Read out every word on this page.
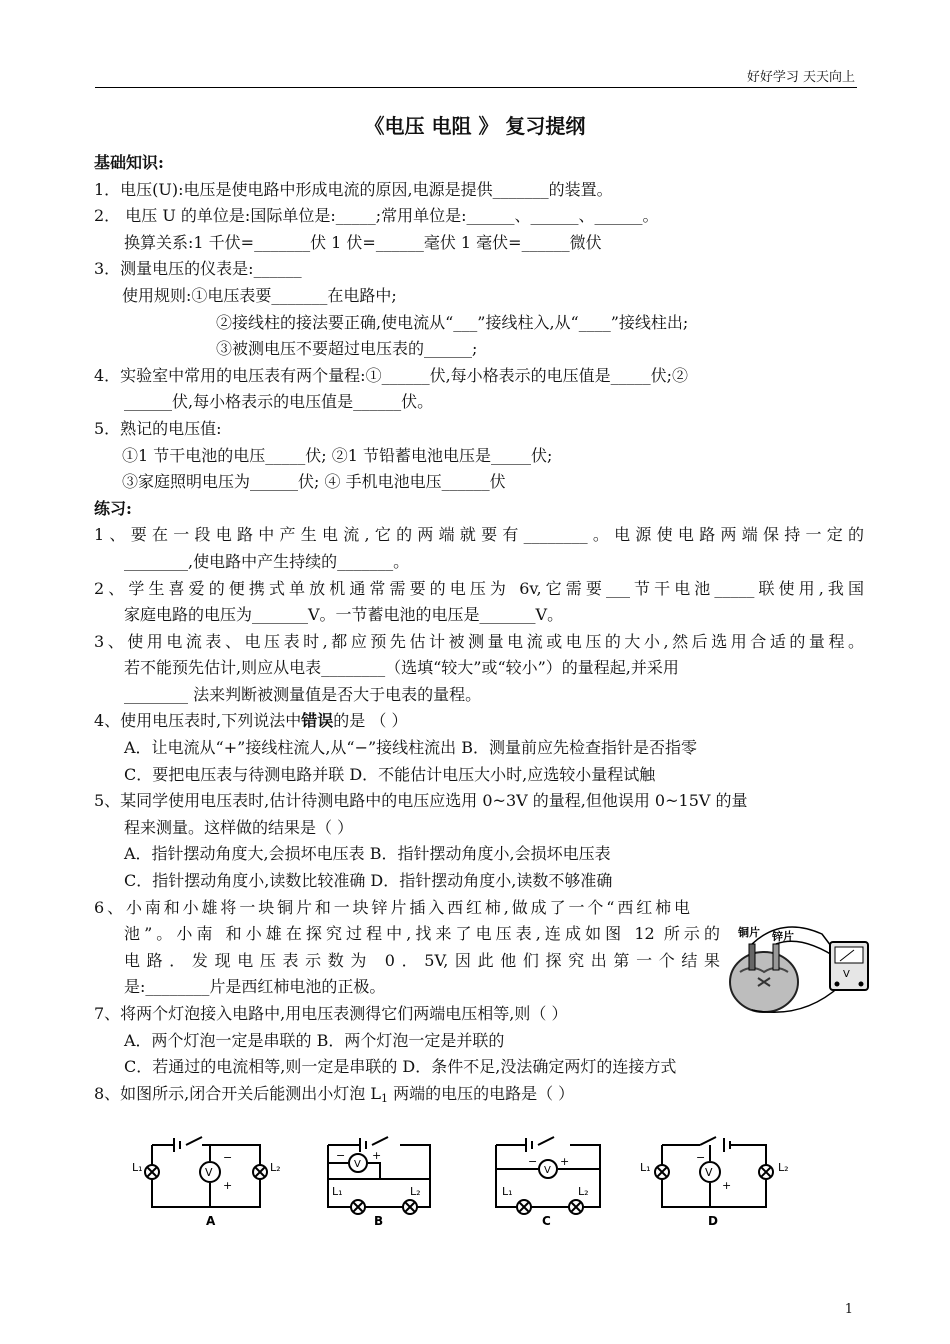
好好学习 天天向上
《电压 电阻 》 复习提纲
基础知识:
1．电压(U):电压是使电路中形成电流的原因,电源是提供_______的装置。
2． 电压 U 的单位是:国际单位是:_____;常用单位是:______、______、______。
换算关系:1 千伏=_______伏 1 伏=______毫伏 1 毫伏=______微伏
3．测量电压的仪表是:______
使用规则:①电压表要_______在电路中;
②接线柱的接法要正确,使电流从“___”接线柱入,从“____”接线柱出;
③被测电压不要超过电压表的______;
4．实验室中常用的电压表有两个量程:①______伏,每小格表示的电压值是_____伏;②
______伏,每小格表示的电压值是______伏。
5．熟记的电压值:
①1 节干电池的电压_____伏; ②1 节铅蓄电池电压是_____伏;
③家庭照明电压为______伏; ④ 手机电池电压______伏
练习:
1、要在一段电路中产生电流,它的两端就要有________。电源使电路两端保持一定的
________,使电路中产生持续的_______。
2、学生喜爱的便携式单放机通常需要的电压为 6v,它需要___节干电池_____联使用,我国
家庭电路的电压为_______V。一节蓄电池的电压是_______V。
3、使用电流表、电压表时,都应预先估计被测量电流或电压的大小,然后选用合适的量程。
若不能预先估计,则应从电表________（选填“较大”或“较小”）的量程起,并采用
________ 法来判断被测量值是否大于电表的量程。
4、使用电压表时,下列说法中错误的是 （ ）
A．让电流从“+”接线柱流人,从“−”接线柱流出 B．测量前应先检查指针是否指零
C．要把电压表与待测电路并联 D．不能估计电压大小时,应选较小量程试触
5、某同学使用电压表时,估计待测电路中的电压应选用 0~3V 的量程,但他误用 0~15V 的量
程来测量。这样做的结果是（ ）
A．指针摆动角度大,会损坏电压表 B．指针摆动角度小,会损坏电压表
C．指针摆动角度小,读数比较准确 D．指针摆动角度小,读数不够准确
6、小南和小雄将一块铜片和一块锌片插入西红柿,做成了一个“西红柿电
池”。小南 和小雄在探究过程中,找来了电压表,连成如图 12 所示的
电路．发现电压表示数为 0．5V,因此他们探究出第一个结果
是:________片是西红柿电池的正极。
7、将两个灯泡接入电路中,用电压表测得它们两端电压相等,则（ ）
A．两个灯泡一定是串联的 B．两个灯泡一定是并联的
C．若通过的电流相等,则一定是串联的 D．条件不足,没法确定两灯的连接方式
8、如图所示,闭合开关后能测出小灯泡 $L_1$ 两端的电压的电路是（ ）
铜片 锌片
V
L₁	L₂
V
−
+
A
L₁	L₂
V
− +
B
L₁	L₂
V
− +
C
L₁	L₂
V
−
+
D
1
